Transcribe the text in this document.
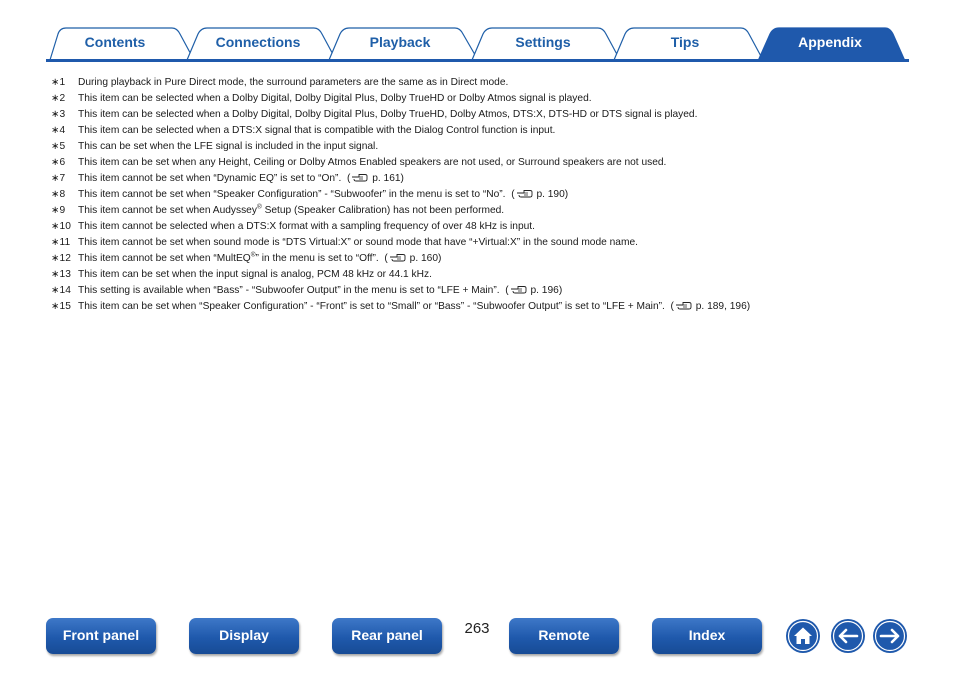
Contents	Connections	Playback	Settings	Tips	Appendix
∗1 During playback in Pure Direct mode, the surround parameters are the same as in Direct mode.
∗2 This item can be selected when a Dolby Digital, Dolby Digital Plus, Dolby TrueHD or Dolby Atmos signal is played.
∗3 This item can be selected when a Dolby Digital, Dolby Digital Plus, Dolby TrueHD, Dolby Atmos, DTS:X, DTS-HD or DTS signal is played.
∗4 This item can be selected when a DTS:X signal that is compatible with the Dialog Control function is input.
∗5 This can be set when the LFE signal is included in the input signal.
∗6 This item can be set when any Height, Ceiling or Dolby Atmos Enabled speakers are not used, or Surround speakers are not used.
∗7 This item cannot be set when “Dynamic EQ” is set to “On”. ( p. 161)
∗8 This item cannot be set when “Speaker Configuration” - “Subwoofer” in the menu is set to “No”. ( p. 190)
∗9 This item cannot be set when Audyssey® Setup (Speaker Calibration) has not been performed.
∗10 This item cannot be selected when a DTS:X format with a sampling frequency of over 48 kHz is input.
∗11 This item cannot be set when sound mode is “DTS Virtual:X” or sound mode that have “+Virtual:X” in the sound mode name.
∗12 This item cannot be set when “MultEQ®” in the menu is set to “Off”. ( p. 160)
∗13 This item can be set when the input signal is analog, PCM 48 kHz or 44.1 kHz.
∗14 This setting is available when “Bass” - “Subwoofer Output” in the menu is set to “LFE + Main”. ( p. 196)
∗15 This item can be set when “Speaker Configuration” - “Front” is set to “Small” or “Bass” - “Subwoofer Output” is set to “LFE + Main”. ( p. 189, 196)
Front panel	Display	Rear panel	263	Remote	Index
